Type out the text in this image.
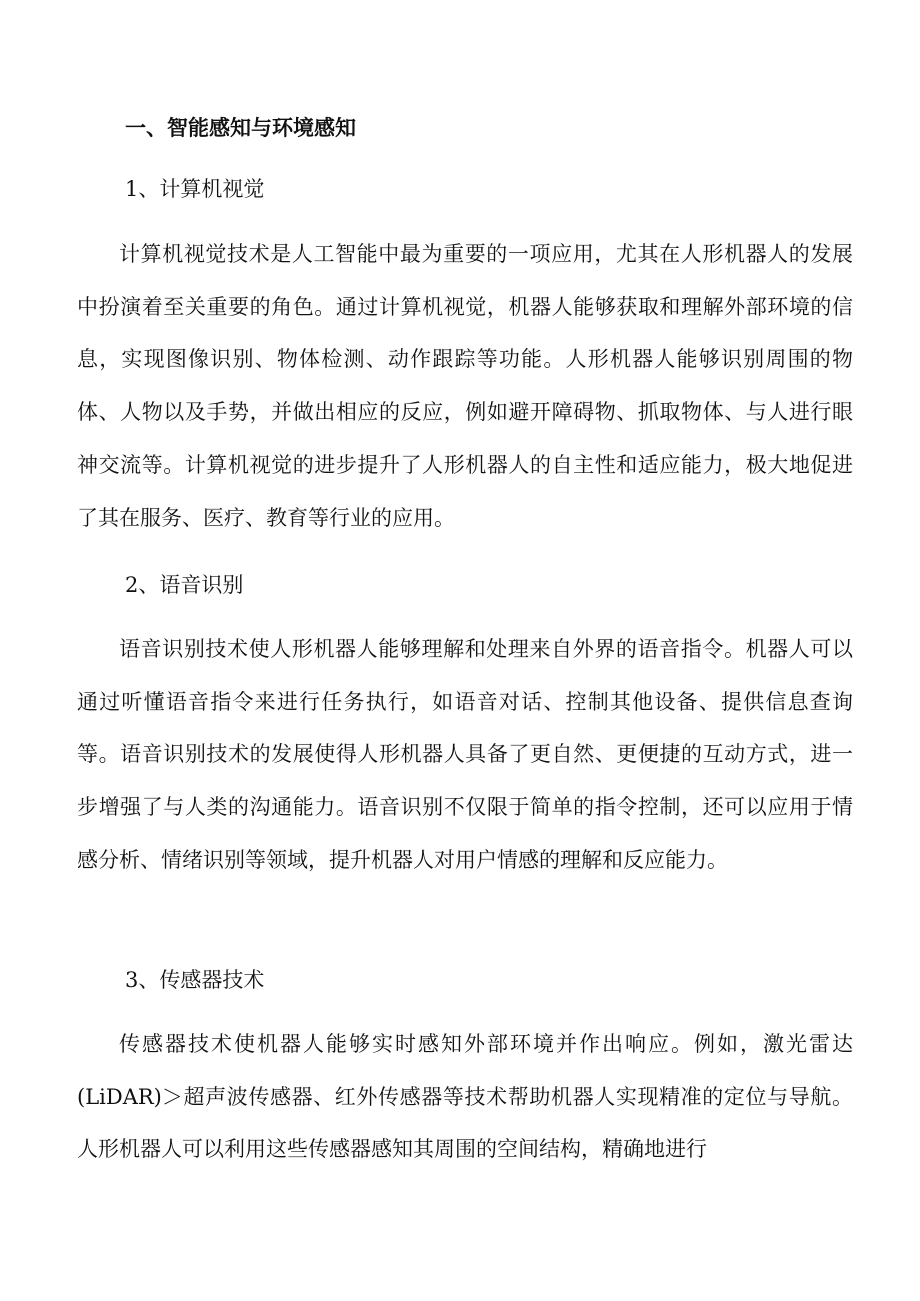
一、智能感知与环境感知

1、计算机视觉

计算机视觉技术是人工智能中最为重要的一项应用，尤其在人形机器人的发展中扮演着至关重要的角色。通过计算机视觉，机器人能够获取和理解外部环境的信息，实现图像识别、物体检测、动作跟踪等功能。人形机器人能够识别周围的物体、人物以及手势，并做出相应的反应，例如避开障碍物、抓取物体、与人进行眼神交流等。计算机视觉的进步提升了人形机器人的自主性和适应能力，极大地促进了其在服务、医疗、教育等行业的应用。

2、语音识别

语音识别技术使人形机器人能够理解和处理来自外界的语音指令。机器人可以通过听懂语音指令来进行任务执行，如语音对话、控制其他设备、提供信息查询等。语音识别技术的发展使得人形机器人具备了更自然、更便捷的互动方式，进一步增强了与人类的沟通能力。语音识别不仅限于简单的指令控制，还可以应用于情感分析、情绪识别等领域，提升机器人对用户情感的理解和反应能力。

3、传感器技术

传感器技术使机器人能够实时感知外部环境并作出响应。例如，激光雷达(LiDAR)＞超声波传感器、红外传感器等技术帮助机器人实现精准的定位与导航。人形机器人可以利用这些传感器感知其周围的空间结构，精确地进行
